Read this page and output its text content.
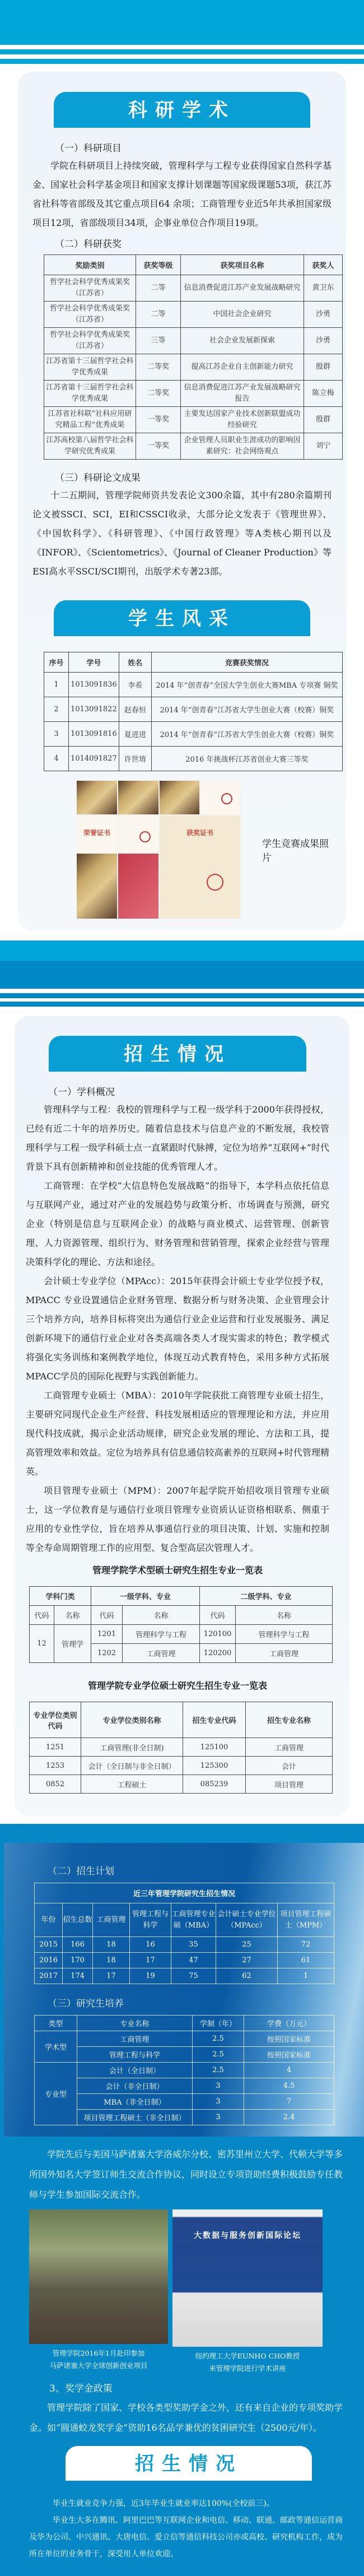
科研学术
（一）科研项目

学院在科研项目上持续突破，管理科学与工程专业获得国家自然科学基金、国家社会科学基金项目和国家支撑计划课题等国家级课题53项，获江苏省社科等省部级及其它重点项目64 余项；工商管理专业近5年共承担国家级项目12项，省部级项目34项，企事业单位合作项目19项。

（二）科研获奖
奖励类别	获奖等级	获奖项目名称	获奖人
哲学社会科学优秀成果奖（江苏省）	二等	信息消费促进江苏产业发展战略研究	黄卫东
哲学社会科学优秀成果奖（江苏省）	二等	中国社会企业研究	沙勇
哲学社会科学优秀成果奖（江苏省）	三等	社会企业发展新探索	沙勇
江苏省第十三届哲学社会科学优秀成果	二等奖	提高江苏企业自主创新能力研究	殷群
江苏省第十三届哲学社会科学优秀成果	二等奖	信息消费促进江苏产业发展战略研究报告	陈立梅
江苏省社科联“社科应用研究精品工程”优秀成果	一等奖	主要发达国家产业技术创新联盟成功经验研究	殷群
江苏高校第八届哲学社会科学研究优秀成果	一等奖	企业管理人员职业生涯成功的影响因素研究：社会网络观点	刘宁
（三）科研论文成果

十二五期间，管理学院师资共发表论文300余篇，其中有280余篇期刊论文被SSCI、SCI，EI和CSSCI收录，大部分论文发表于《管理世界》、《中国软科学》、《科研管理》、《中国行政管理》等A类核心期刊以及《INFOR》、《Scientometrics》、《Journal of Cleaner Production》等ESI高水平SSCI/SCI期刊，出版学术专著23部。

学生风采
序号	学号	姓名	竞赛获奖情况
1	1013091836	李希	2014 年“创青春”全国大学生创业大赛MBA 专项赛 铜奖
2	1013091822	赵春恒	2014 年“创青春”江苏省大学生创业大赛（校赛）铜奖
3	1013091816	夏进进	2014 年“创青春”江苏省大学生创业大赛（校赛）铜奖
4	1014091827	许世堉	2016 年挑战杯江苏省创业大赛三等奖
荣誉证书	获奖证书
学生竞赛成果照片
招生情况
（一）学科概况

管理科学与工程：我校的管理科学与工程一级学科于2000年获得授权，已经有近二十年的培养历史。随着信息技术与信息产业的不断发展，我校管理科学与工程一级学科硕士点一直紧跟时代脉搏，定位为培养“互联网+”时代背景下具有创新精神和创业技能的优秀管理人才。

工商管理：在学校“大信息特色发展战略”的指导下，本学科点依托信息与互联网产业，通过对产业的发展趋势与政策分析、市场调查与预测，研究企业（特别是信息与互联网企业）的战略与商业模式、运营管理、创新管理、人力资源管理、组织行为、财务管理和营销管理，探索企业经营与管理决策科学化的理论、方法和途径。

会计硕士专业学位（MPAcc）：2015年获得会计硕士专业学位授予权，MPACC 专业设置通信企业财务管理、数据分析与财务决策、企业管理会计三个培养方向，培养目标将突出为通信行业企业运营和行业发展服务、满足创新环境下的通信行业企业对各类高端各类人才现实需求的特色；教学模式将强化实务训练和案例教学地位，体现互动式教育特色，采用多种方式拓展MPACC学员的国际化视野与实践创新能力。

工商管理专业硕士（MBA）：2010年学院获批工商管理专业硕士招生，主要研究同现代企业生产经营、科技发展相适应的管理理论和方法，并应用现代科技成就，揭示企业活动规律，研究企业发展的理论、方法和工具，提高管理效率和效益。定位为培养具有信息通信较高素养的互联网+时代管理精英。

项目管理专业硕士（MPM）：2007年起学院开始招收项目管理专业硕士，这一学位教育是与通信行业项目管理专业资质认证资格相联系、侧重于应用的专业性学位，旨在培养从事通信行业的项目决策、计划、实施和控制等全寿命周期管理工作的应用型、复合型高层次管理人才。

管理学院学术型硕士研究生招生专业一览表
学科门类		一级学科、专业		二级学科、专业	
代码	名称	代码	名称	代码	名称
12	管理学	1201	管理科学与工程	120100	管理科学与工程
		1202	工商管理	120200	工商管理
管理学院专业学位硕士研究生招生专业一览表
专业学位类别代码	专业学位类别名称	招生专业代码	招生专业名称
1251	工商管理(非全日制)	125100	工商管理
1253	会计（全日制与非全日制）	125300	会计
0852	工程硕士	085239	项目管理
（二）招生计划
近三年管理学院研究生招生情况						
年份	招生总数	工商管理	管理工程与科学	工商管理专业硕（MBA）	会计硕士专业学位（MPAcc）	项目管理工程硕士（MPM）
2015	166	18	16	35	25	72
2016	170	18	17	47	27	61
2017	174	17	19	75	62	1
（三）研究生培养
类型	专业名称	学制（年）	学费（万元）
学术型	工商管理	2.5	按照国家标准
	管理工程与科学	2.5	按照国家标准
专业型	会计（全日制）	2.5	4
	会计（非全日制）	3	4.5
	MBA（非全日制）	3	7
	项目管理工程硕士（非全日制）	3	2.4

学院先后与美国马萨诸塞大学洛威尔分校、密苏里州立大学、代顿大学等多所国外知名大学签订师生交流合作协议，同时设立专项资助经费积极鼓励专任教师与学生参加国际交流合作。

管理学院2016年1月赴印参加
马萨诸塞大学全球创新创业项目
大数据与服务创新国际论坛
纽约理工大学EUNHO CHO教授
来管理学院进行学术讲座
3、奖学金政策

管理学院除了国家、学校各类型奖助学金之外，还有来自企业的专项奖助学金。如“圆通蛟龙奖学金”资助16名品学兼优的贫困研究生（2500元/年）。

招生情况

毕业生就业竞争力强，近3年毕业生就业率达100%(全校前三)。

毕业生大多在腾讯、阿里巴巴等互联网企业和电信、移动、联通、邮政等通信运营商及华为公司、中兴通讯、大唐电信、爱立信等通信科技公司亦或高校、研究机构工作，成为所在单位的业务骨干，深受用人单位欢迎。
